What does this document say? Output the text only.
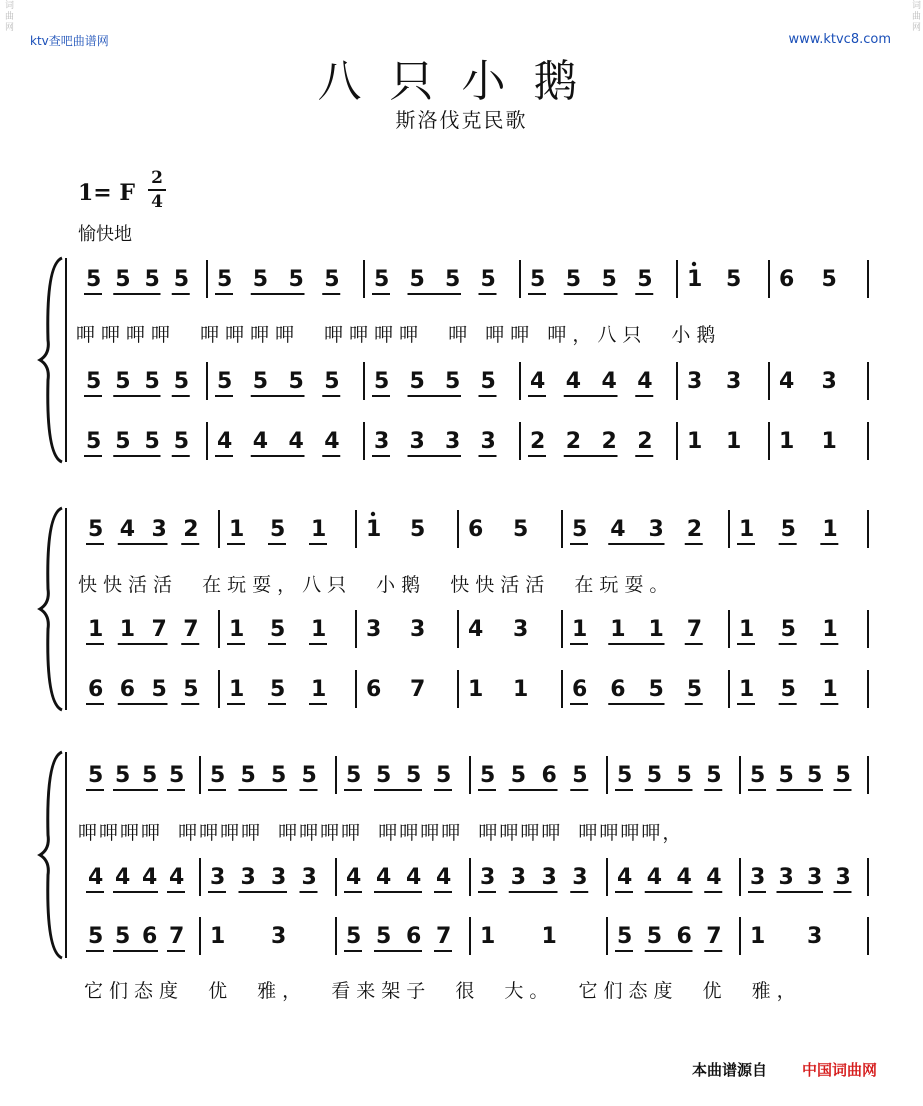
词曲网	词曲网
ktv查吧曲谱网	www.ktvc8.com
八只小鹅
斯洛伐克民歌
1= F
2
4
愉快地
5 5 5 5 5 5 5 5 5 5 5 5 5 5 5 5 1 5 6 5
5 5 5 5 5 5 5 5 5 5 5 5 4 4 4 4 3 3 4 3
5 5 5 5 4 4 4 4 3 3 3 3 2 2 2 2 1 1 1 1
5 4 3 2 1 5 1 1 5 6 5 5 4 3 2 1 5 1
1 1 7 7 1 5 1 3 3 4 3 1 1 1 7 1 5 1
6 6 5 5 1 5 1 6 7 1 1 6 6 5 5 1 5 1
5 5 5 5 5 5 5 5 5 5 5 5 5 5 6 5 5 5 5 5 5 5 5 5
4 4 4 4 3 3 3 3 4 4 4 4 3 3 3 3 4 4 4 4 3 3 3 3
5 5 6 7 1 3	5 5 6 7 1 1	5 5 6 7 1 3
呷呷呷呷  呷呷呷呷  呷呷呷呷  呷 呷呷 呷，八只  小鹅
快快活活  在玩耍，八只  小鹅  快快活活  在玩耍。
呷呷呷呷  呷呷呷呷  呷呷呷呷  呷呷呷呷  呷呷呷呷  呷呷呷呷，
它们态度  优  雅，  看来架子  很  大。  它们态度  优  雅，
本曲谱源自 中国词曲网
